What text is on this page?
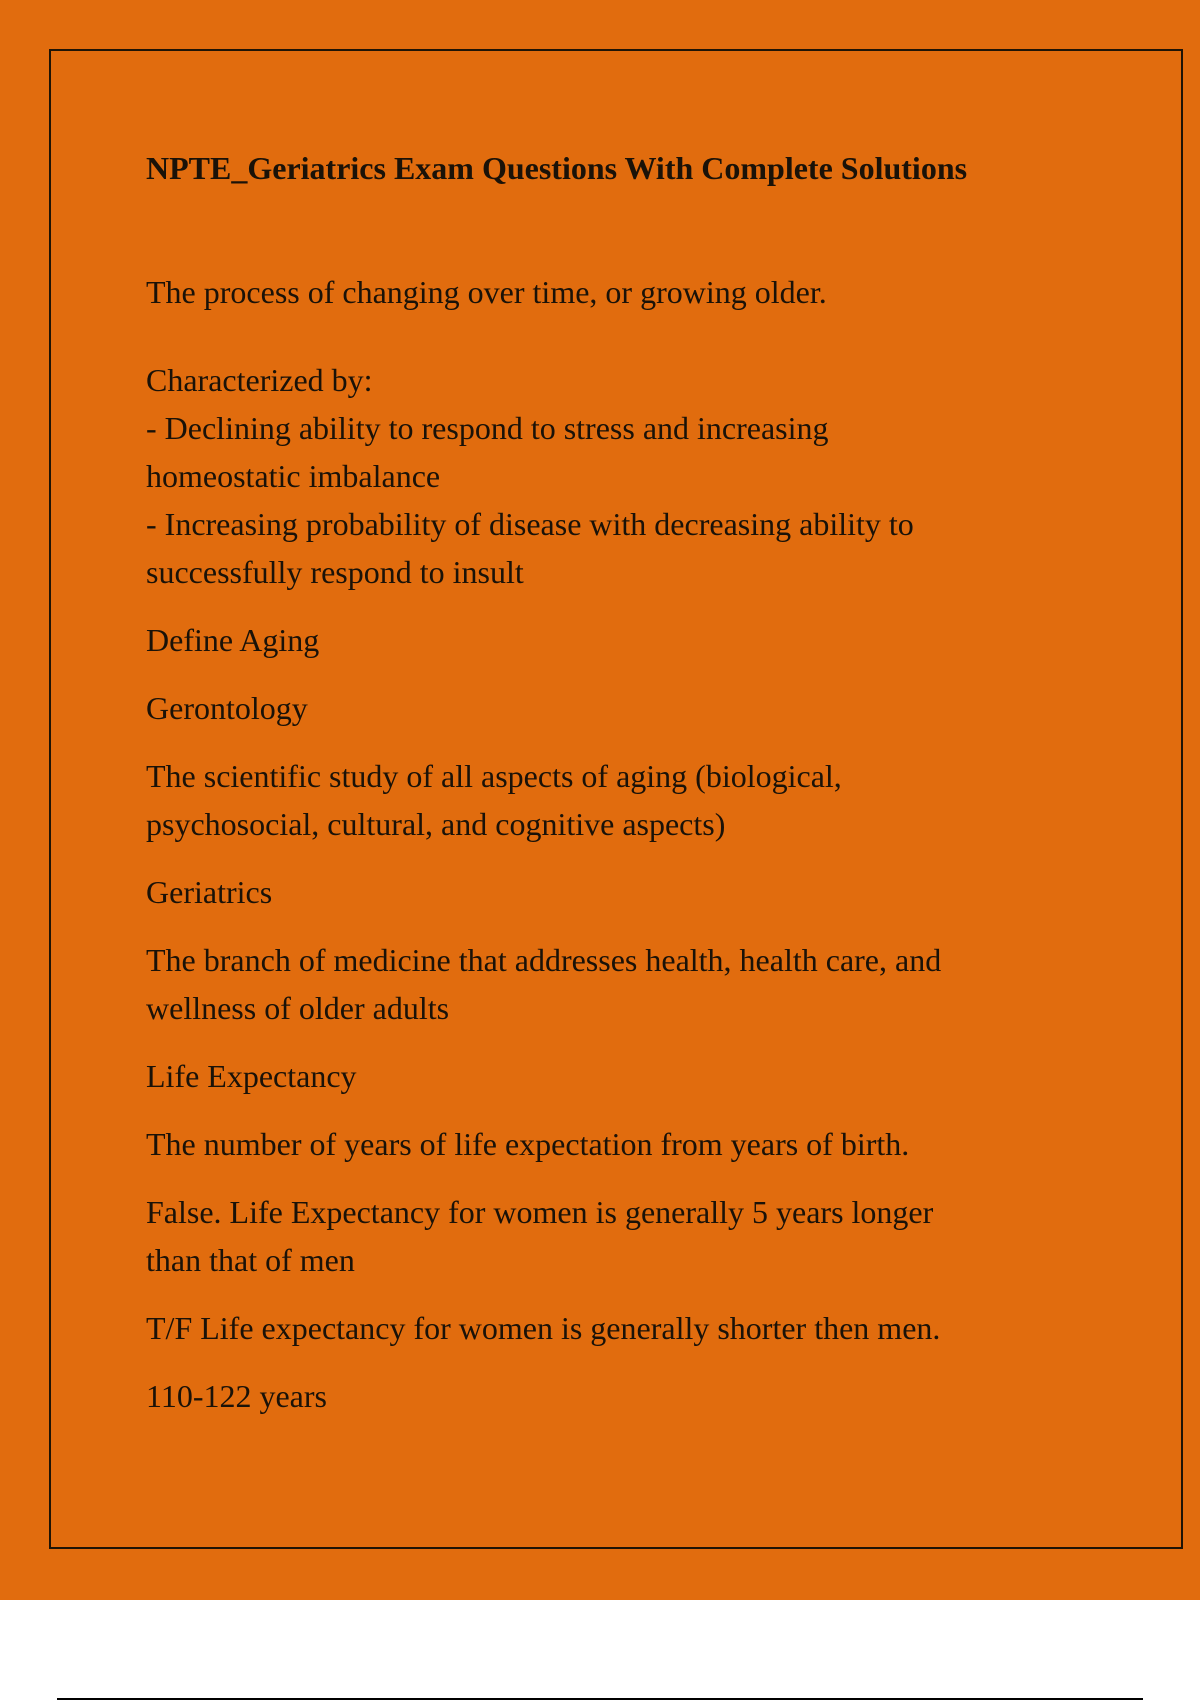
NPTE_Geriatrics Exam Questions With Complete Solutions
The process of changing over time, or growing older.
Characterized by:
- Declining ability to respond to stress and increasing
homeostatic imbalance
- Increasing probability of disease with decreasing ability to
successfully respond to insult
Define Aging
Gerontology
The scientific study of all aspects of aging (biological,
psychosocial, cultural, and cognitive aspects)
Geriatrics
The branch of medicine that addresses health, health care, and
wellness of older adults
Life Expectancy
The number of years of life expectation from years of birth.
False. Life Expectancy for women is generally 5 years longer
than that of men
T/F Life expectancy for women is generally shorter then men.
110-122 years
